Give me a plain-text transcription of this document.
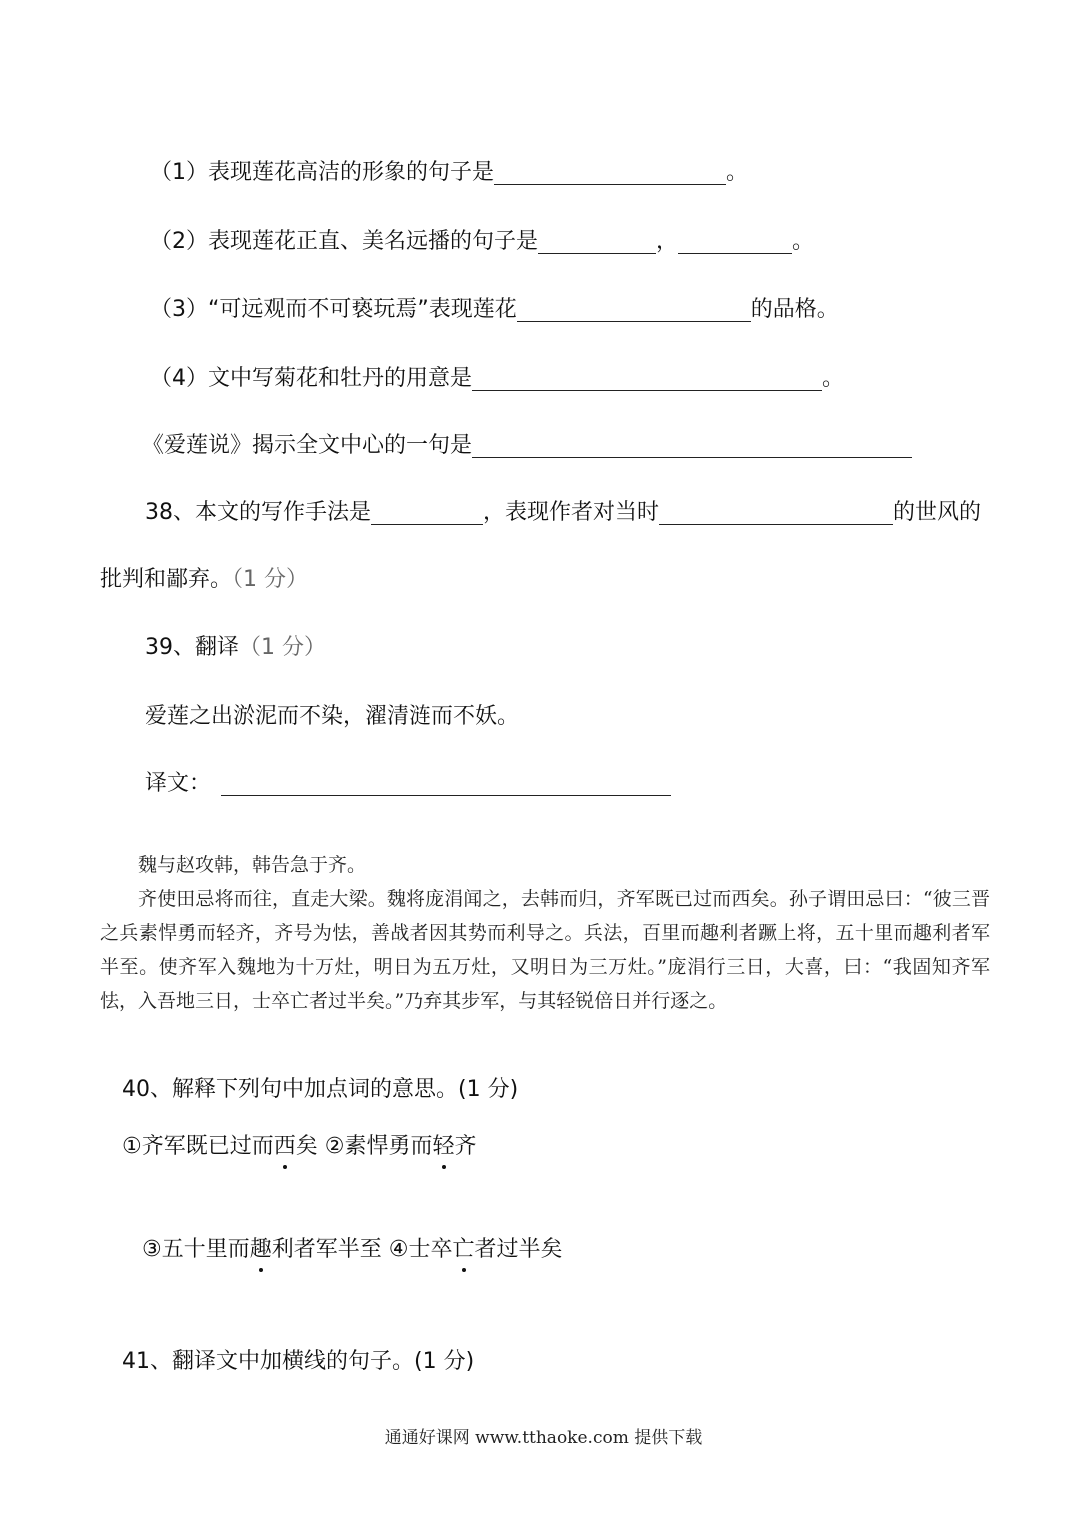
（1）表现莲花高洁的形象的句子是	。
（2）表现莲花正直、美名远播的句子是	，	。
（3）“可远观而不可亵玩焉”表现莲花	的品格。
（4）文中写菊花和牡丹的用意是	。
《爱莲说》揭示全文中心的一句是
38、本文的写作手法是	，表现作者对当时	的世风的
批判和鄙弃。（1 分）
39、翻译（1 分）
爱莲之出淤泥而不染，濯清涟而不妖。
译文：

魏与赵攻韩，韩告急于齐。

齐使田忌将而往，直走大梁。魏将庞涓闻之，去韩而归，齐军既已过而西矣。孙子谓田忌曰：“彼三晋之兵素悍勇而轻齐，齐号为怯，善战者因其势而利导之。兵法，百里而趣利者蹶上将，五十里而趣利者军半至。使齐军入魏地为十万灶，明日为五万灶，又明日为三万灶。”庞涓行三日，大喜，曰：“我固知齐军怯，入吾地三日，士卒亡者过半矣。”乃弃其步军，与其轻锐倍日并行逐之。

40、解释下列句中加点词的意思。(1 分)
①齐军既已过而西矣 ②素悍勇而轻齐
③五十里而趣利者军半至 ④士卒亡者过半矣
41、翻译文中加横线的句子。(1 分)
通通好课网 www.tthaoke.com 提供下载
